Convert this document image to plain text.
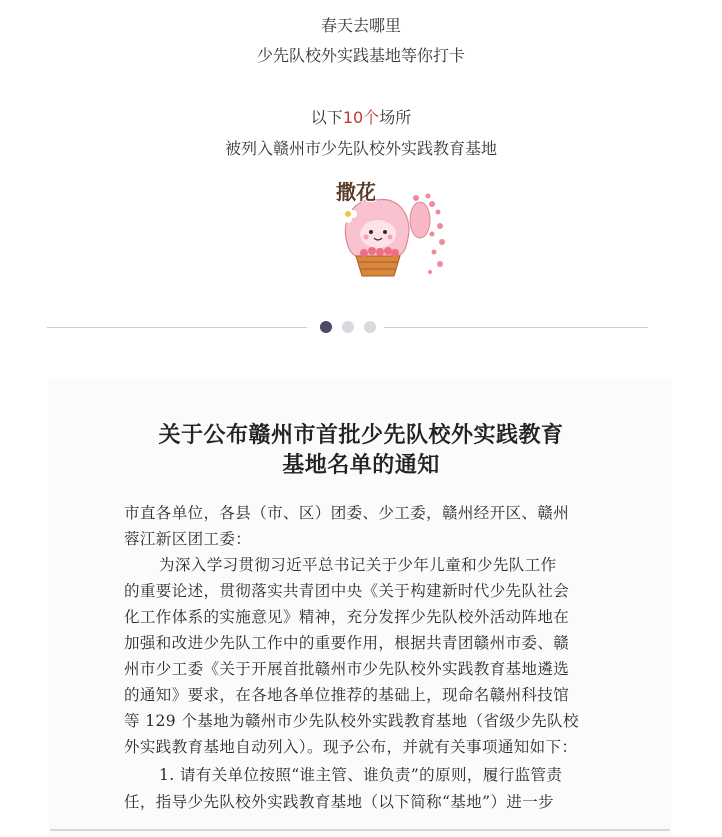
春天去哪里
少先队校外实践基地等你打卡
以下10个场所
被列入赣州市少先队校外实践教育基地
撒花
关于公布赣州市首批少先队校外实践教育
基地名单的通知
市直各单位，各县（市、区）团委、少工委，赣州经开区、赣州
蓉江新区团工委：
为深入学习贯彻习近平总书记关于少年儿童和少先队工作
的重要论述，贯彻落实共青团中央《关于构建新时代少先队社会
化工作体系的实施意见》精神，充分发挥少先队校外活动阵地在
加强和改进少先队工作中的重要作用，根据共青团赣州市委、赣
州市少工委《关于开展首批赣州市少先队校外实践教育基地遴选
的通知》要求，在各地各单位推荐的基础上，现命名赣州科技馆
等 129 个基地为赣州市少先队校外实践教育基地（省级少先队校
外实践教育基地自动列入）。现予公布，并就有关事项通知如下：
1. 请有关单位按照“谁主管、谁负责”的原则，履行监管责
任，指导少先队校外实践教育基地（以下简称“基地”）进一步
